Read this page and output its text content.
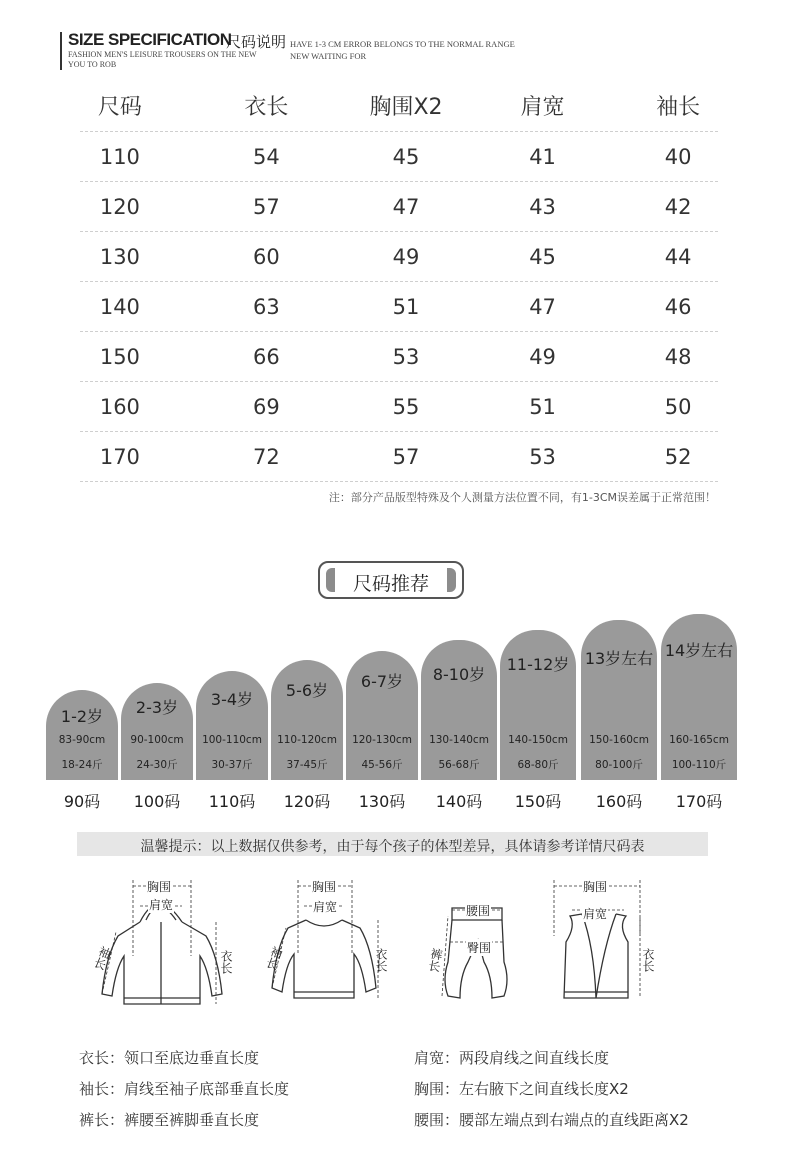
SIZE SPECIFICATION
尺码说明
FASHION MEN'S LEISURE TROUSERS ON THE NEW
YOU TO ROB
HAVE 1-3 CM ERROR BELONGS TO THE NORMAL RANGE
NEW WAITING FOR
尺码	衣长	胸围X2	肩宽	袖长
110	54	45	41	40
120	57	47	43	42
130	60	49	45	44
140	63	51	47	46
150	66	53	49	48
160	69	55	51	50
170	72	57	53	52
注：部分产品版型特殊及个人测量方法位置不同，有1-3CM误差属于正常范围！
尺码推荐
1-2岁
83-90cm
18-24斤
90码
2-3岁
90-100cm
24-30斤
100码
3-4岁
100-110cm
30-37斤
110码
5-6岁
110-120cm
37-45斤
120码
6-7岁
120-130cm
45-56斤
130码
8-10岁
130-140cm
56-68斤
140码
11-12岁
140-150cm
68-80斤
150码
13岁左右
150-160cm
80-100斤
160码
14岁左右
160-165cm
100-110斤
170码
温馨提示：以上数据仅供参考，由于每个孩子的体型差异，具体请参考详情尺码表
胸围
肩宽
袖长	衣长
胸围
肩宽
袖长	衣长
腰围
臀围
裤长
胸围
肩宽
衣长
衣长：领口至底边垂直长度
袖长：肩线至袖子底部垂直长度
裤长：裤腰至裤脚垂直长度
肩宽：两段肩线之间直线长度
胸围：左右腋下之间直线长度X2
腰围：腰部左端点到右端点的直线距离X2
